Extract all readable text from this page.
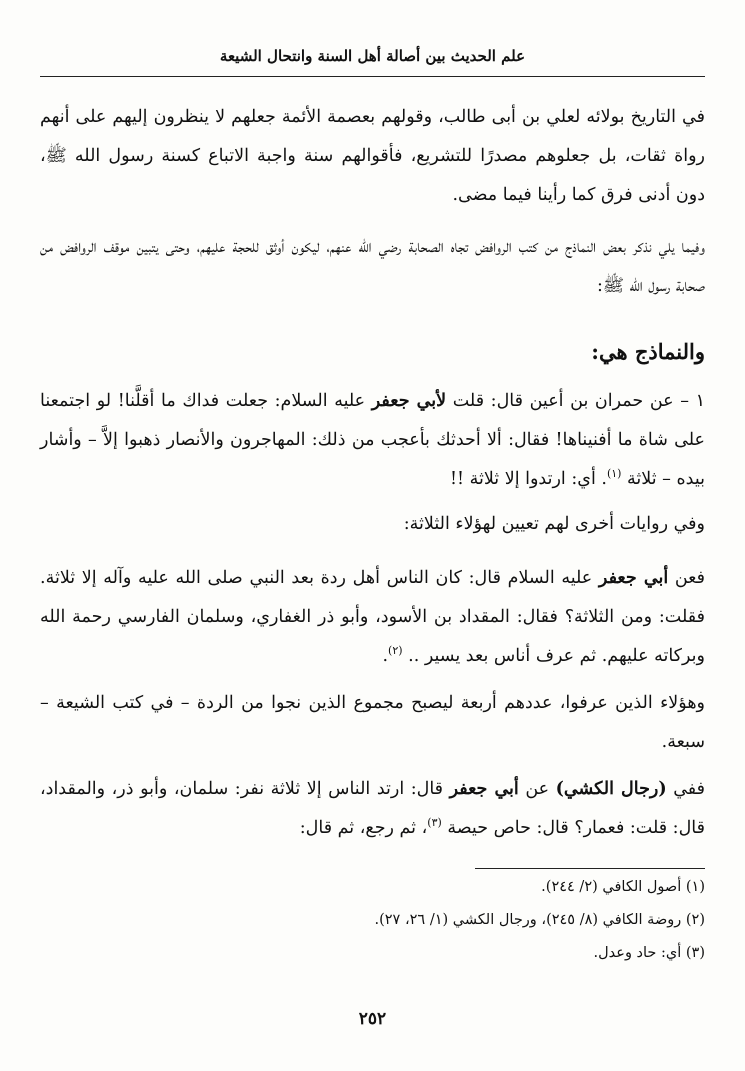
علم الحديث بين أصالة أهل السنة وانتحال الشيعة

في التاريخ بولائه لعلي بن أبى طالب، وقولهم بعصمة الأئمة جعلهم لا ينظرون إليهم على أنهم رواة ثقات، بل جعلوهم مصدرًا للتشريع، فأقوالهم سنة واجبة الاتباع كسنة رسول الله ﷺ، دون أدنى فرق كما رأينا فيما مضى.

وفيما يلي نذكر بعض النماذج من كتب الروافض تجاه الصحابة رضي الله عنهم، ليكون أوثق للحجة عليهم، وحتى يتبين موقف الروافض من صحابة رسول الله ﷺ:

والنماذج هي:

١ – عن حمران بن أعين قال: قلت لأبي جعفر عليه السلام: جعلت فداك ما أقلَّنا! لو اجتمعنا على شاة ما أفنيناها! فقال: ألا أحدثك بأعجب من ذلك: المهاجرون والأنصار ذهبوا إلاَّ – وأشار بيده – ثلاثة $^{(١)}$. أي: ارتدوا إلا ثلاثة !!

وفي روايات أخرى لهم تعيين لهؤلاء الثلاثة:

فعن أبي جعفر عليه السلام قال: كان الناس أهل ردة بعد النبي صلى الله عليه وآله إلا ثلاثة. فقلت: ومن الثلاثة؟ فقال: المقداد بن الأسود، وأبو ذر الغفاري، وسلمان الفارسي رحمة الله وبركاته عليهم. ثم عرف أناس بعد يسير .. $^{(٢)}$.

وهؤلاء الذين عرفوا، عددهم أربعة ليصبح مجموع الذين نجوا من الردة – في كتب الشيعة – سبعة.

ففي (رجال الكشي) عن أبي جعفر قال: ارتد الناس إلا ثلاثة نفر: سلمان، وأبو ذر، والمقداد، قال: قلت: فعمار؟ قال: حاص حيصة $^{(٣)}$، ثم رجع، ثم قال:

(١) أصول الكافي (٢/ ٢٤٤).

(٢) روضة الكافي (٨/ ٢٤٥)، ورجال الكشي (١/ ٢٦، ٢٧).

(٣) أي: حاد وعدل.

٢٥٢
